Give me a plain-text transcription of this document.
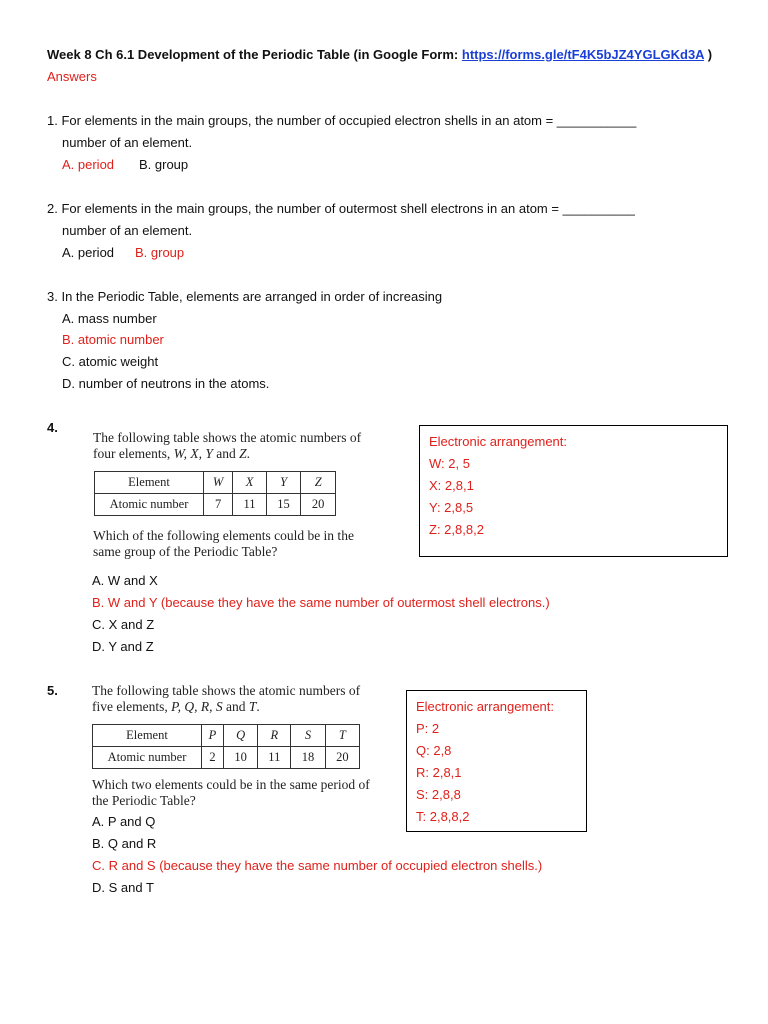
Week 8 Ch 6.1 Development of the Periodic Table (in Google Form: https://forms.gle/tF4K5bJZ4YGLGKd3A )
Answers
1. For elements in the main groups, the number of occupied electron shells in an atom = ___________
number of an element.
A. period B. group
2. For elements in the main groups, the number of outermost shell electrons in an atom = __________
number of an element.
A. period B. group
3. In the Periodic Table, elements are arranged in order of increasing
A. mass number
B. atomic number
C. atomic weight
D. number of neutrons in the atoms.
4.
The following table shows the atomic numbers of four elements, W, X, Y and Z.
Element	W	X	Y	Z
Atomic number	7	11	15	20
Which of the following elements could be in the same group of the Periodic Table?
Electronic arrangement:
W: 2, 5
X: 2,8,1
Y: 2,8,5
Z: 2,8,8,2
A. W and X
B. W and Y (because they have the same number of outermost shell electrons.)
C. X and Z
D. Y and Z
5.	The following table shows the atomic numbers of five elements, P, Q, R, S and T.
Element	P	Q	R	S	T
Atomic number	2	10	11	18	20
Which two elements could be in the same period of the Periodic Table?
Electronic arrangement:
P: 2
Q: 2,8
R: 2,8,1
S: 2,8,8
T: 2,8,8,2
A. P and Q
B. Q and R
C. R and S (because they have the same number of occupied electron shells.)
D. S and T
